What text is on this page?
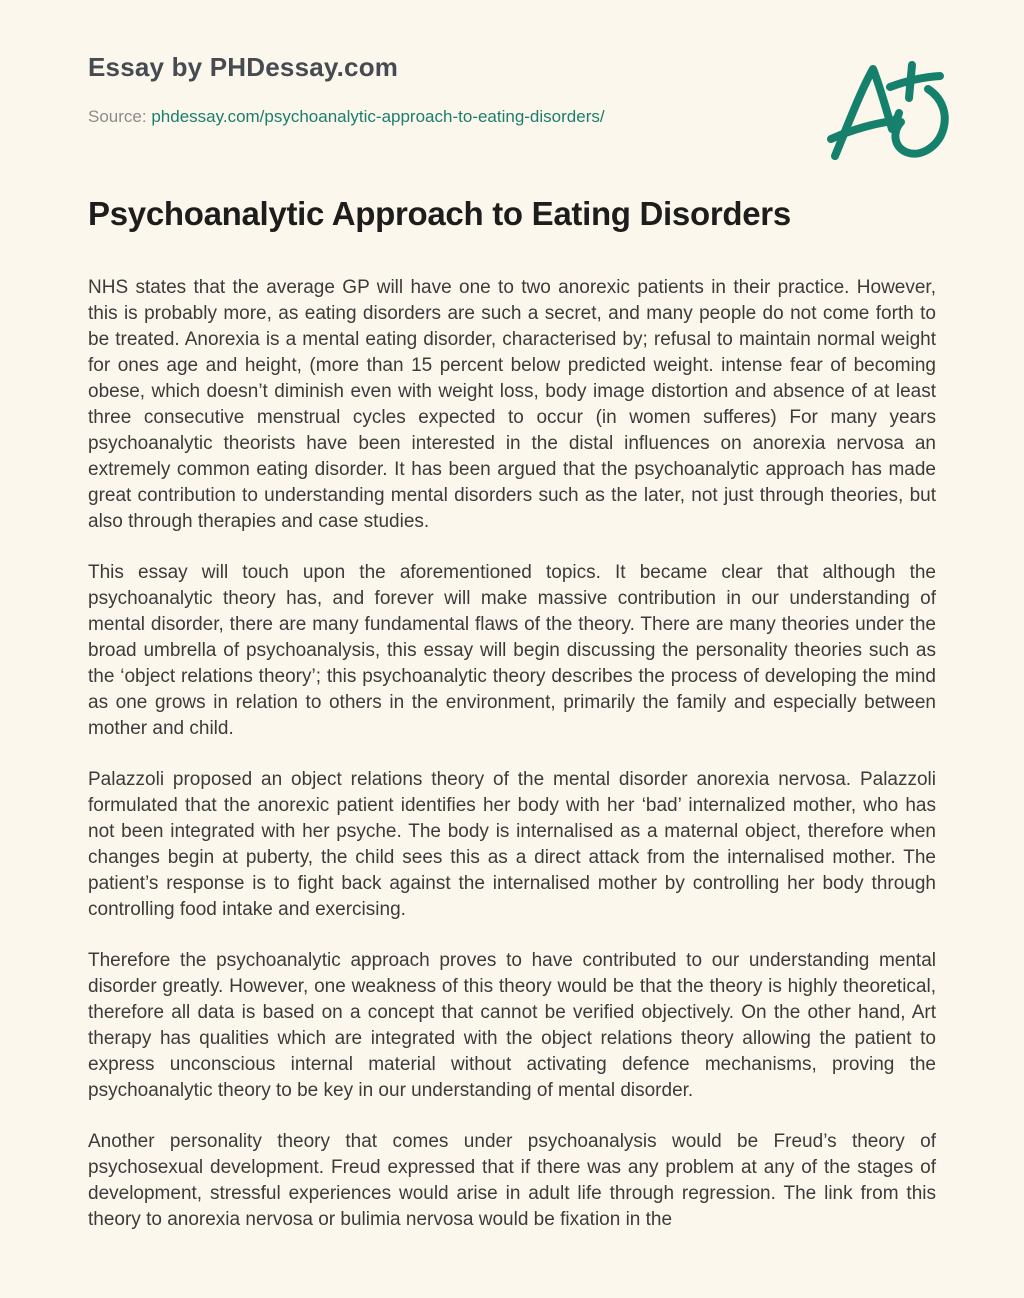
Essay by PHDessay.com

Source: phdessay.com/psychoanalytic-approach-to-eating-disorders/

Psychoanalytic Approach to Eating Disorders

NHS states that the average GP will have one to two anorexic patients in their practice. However, this is probably more, as eating disorders are such a secret, and many people do not come forth to be treated. Anorexia is a mental eating disorder, characterised by; refusal to maintain normal weight for ones age and height, (more than 15 percent below predicted weight. intense fear of becoming obese, which doesn’t diminish even with weight loss, body image distortion and absence of at least three consecutive menstrual cycles expected to occur (in women sufferes) For many years psychoanalytic theorists have been interested in the distal influences on anorexia nervosa an extremely common eating disorder. It has been argued that the psychoanalytic approach has made great contribution to understanding mental disorders such as the later, not just through theories, but also through therapies and case studies.

This essay will touch upon the aforementioned topics. It became clear that although the psychoanalytic theory has, and forever will make massive contribution in our understanding of mental disorder, there are many fundamental flaws of the theory. There are many theories under the broad umbrella of psychoanalysis, this essay will begin discussing the personality theories such as the ‘object relations theory’; this psychoanalytic theory describes the process of developing the mind as one grows in relation to others in the environment, primarily the family and especially between mother and child.

Palazzoli proposed an object relations theory of the mental disorder anorexia nervosa. Palazzoli formulated that the anorexic patient identifies her body with her ‘bad’ internalized mother, who has not been integrated with her psyche. The body is internalised as a maternal object, therefore when changes begin at puberty, the child sees this as a direct attack from the internalised mother. The patient’s response is to fight back against the internalised mother by controlling her body through controlling food intake and exercising.

Therefore the psychoanalytic approach proves to have contributed to our understanding mental disorder greatly. However, one weakness of this theory would be that the theory is highly theoretical, therefore all data is based on a concept that cannot be verified objectively. On the other hand, Art therapy has qualities which are integrated with the object relations theory allowing the patient to express unconscious internal material without activating defence mechanisms, proving the psychoanalytic theory to be key in our understanding of mental disorder.

Another personality theory that comes under psychoanalysis would be Freud’s theory of psychosexual development. Freud expressed that if there was any problem at any of the stages of development, stressful experiences would arise in adult life through regression. The link from this theory to anorexia nervosa or bulimia nervosa would be fixation in the
